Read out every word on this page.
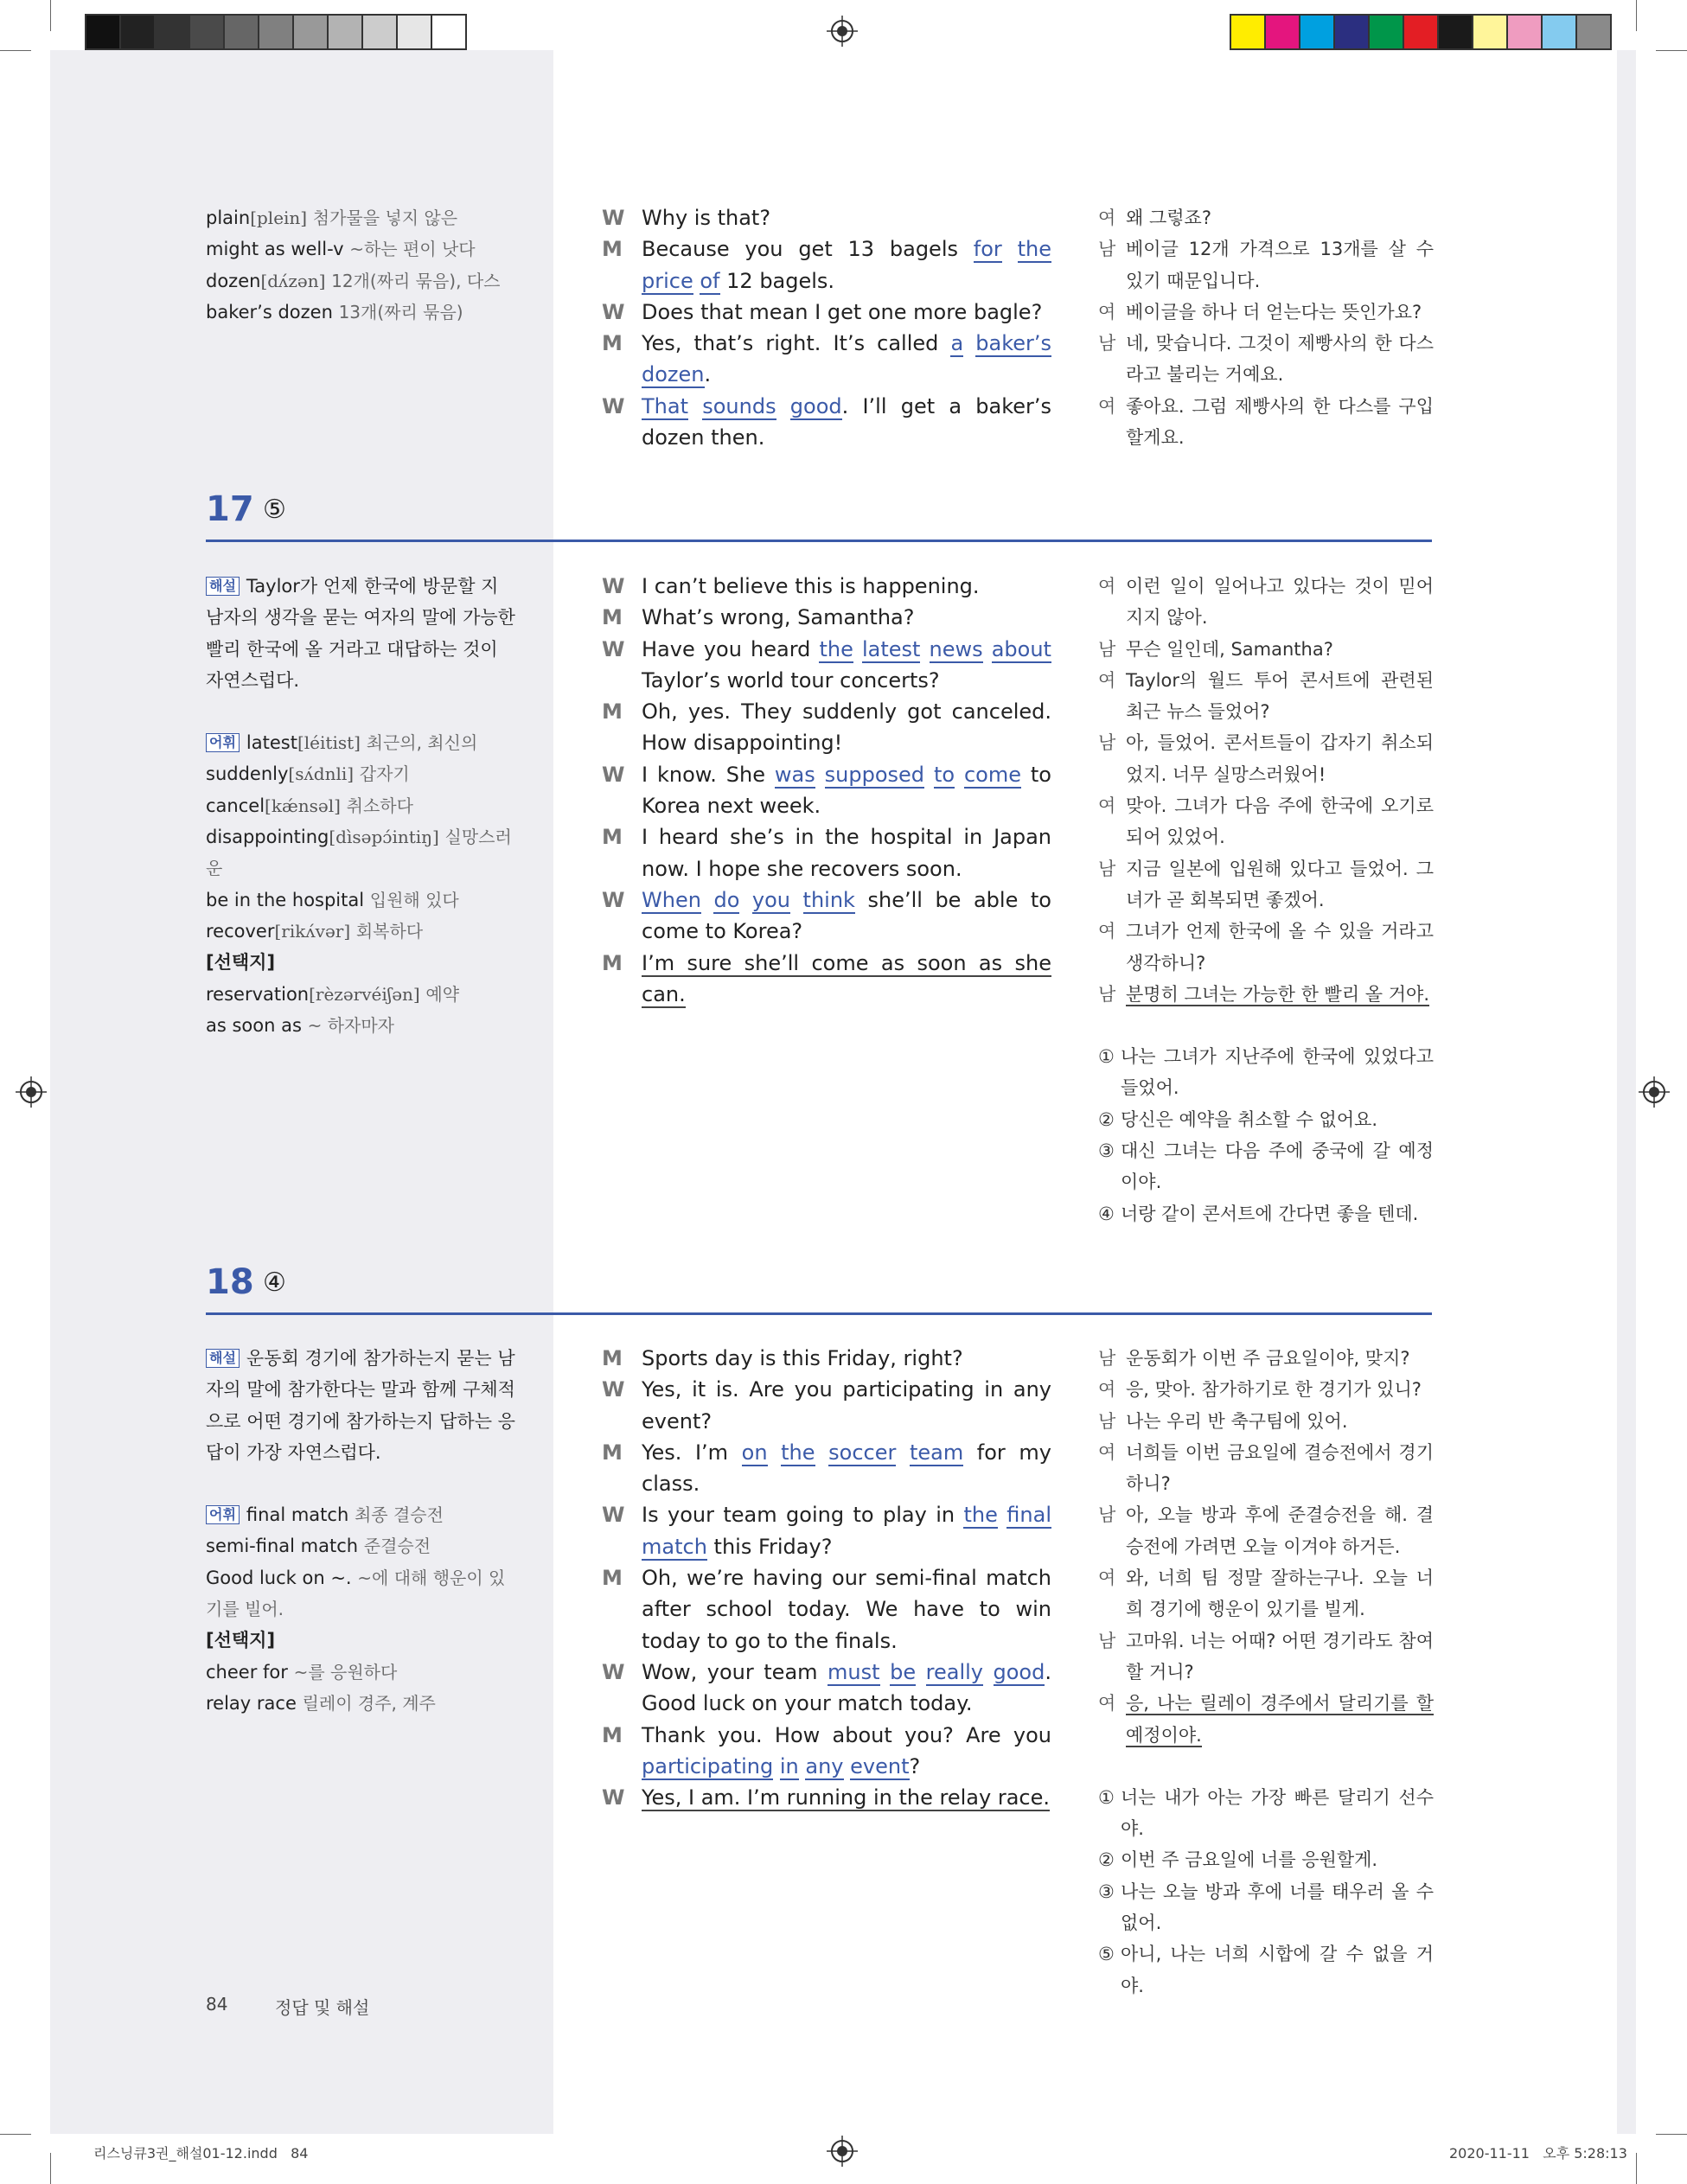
plain[plein] 첨가물을 넣지 않은

might as well-v ~하는 편이 낫다

dozen[dʌ́zən] 12개(짜리 묶음), 다스

baker’s dozen 13개(짜리 묶음)

W Why is that?
M Because you get 13 bagels for the price of 12 bagels.
W Does that mean I get one more bagle?
M Yes, that’s right. It’s called a baker’s dozen.
W That sounds good. I’ll get a baker’s dozen then.
여 왜 그렇죠?
남 베이글 12개 가격으로 13개를 살 수 있기 때문입니다.
여 베이글을 하나 더 얻는다는 뜻인가요?
남 네, 맞습니다. 그것이 제빵사의 한 다스라고 불리는 거예요.
여 좋아요. 그럼 제빵사의 한 다스를 구입할게요.
17 ⑤

해설 Taylor가 언제 한국에 방문할 지 남자의 생각을 묻는 여자의 말에 가능한 빨리 한국에 올 거라고 대답하는 것이 자연스럽다.

어휘 latest[léitist] 최근의, 최신의

suddenly[sʌ́dnli] 갑자기

cancel[kǽnsəl] 취소하다

disappointing[dìsəpɔ́intiŋ] 실망스러운

be in the hospital 입원해 있다

recover[rikʌ́vər] 회복하다

[선택지]

reservation[rèzərvéiʃən] 예약

as soon as ~ 하자마자

W I can’t believe this is happening.
M What’s wrong, Samantha?
W Have you heard the latest news about Taylor’s world tour concerts?
M Oh, yes. They suddenly got canceled. How disappointing!
W I know. She was supposed to come to Korea next week.
M I heard she’s in the hospital in Japan now. I hope she recovers soon.
W When do you think she’ll be able to come to Korea?
M I’m sure she’ll come as soon as she can.
여 이런 일이 일어나고 있다는 것이 믿어지지 않아.
남 무슨 일인데, Samantha?
여 Taylor의 월드 투어 콘서트에 관련된 최근 뉴스 들었어?
남 아, 들었어. 콘서트들이 갑자기 취소되었지. 너무 실망스러웠어!
여 맞아. 그녀가 다음 주에 한국에 오기로 되어 있었어.
남 지금 일본에 입원해 있다고 들었어. 그녀가 곧 회복되면 좋겠어.
여 그녀가 언제 한국에 올 수 있을 거라고 생각하니?
남 분명히 그녀는 가능한 한 빨리 올 거야.
① 나는 그녀가 지난주에 한국에 있었다고 들었어.
② 당신은 예약을 취소할 수 없어요.
③ 대신 그녀는 다음 주에 중국에 갈 예정이야.
④ 너랑 같이 콘서트에 간다면 좋을 텐데.
18 ④

해설 운동회 경기에 참가하는지 묻는 남자의 말에 참가한다는 말과 함께 구체적으로 어떤 경기에 참가하는지 답하는 응답이 가장 자연스럽다.

어휘 final match 최종 결승전

semi-final match 준결승전

Good luck on ~. ~에 대해 행운이 있기를 빌어.

[선택지]

cheer for ~를 응원하다

relay race 릴레이 경주, 계주

M Sports day is this Friday, right?
W Yes, it is. Are you participating in any event?
M Yes. I’m on the soccer team for my class.
W Is your team going to play in the final match this Friday?
M Oh, we’re having our semi-final match after school today. We have to win today to go to the finals.
W Wow, your team must be really good. Good luck on your match today.
M Thank you. How about you? Are you participating in any event?
W Yes, I am. I’m running in the relay race.
남 운동회가 이번 주 금요일이야, 맞지?
여 응, 맞아. 참가하기로 한 경기가 있니?
남 나는 우리 반 축구팀에 있어.
여 너희들 이번 금요일에 결승전에서 경기하니?
남 아, 오늘 방과 후에 준결승전을 해. 결승전에 가려면 오늘 이겨야 하거든.
여 와, 너희 팀 정말 잘하는구나. 오늘 너희 경기에 행운이 있기를 빌게.
남 고마워. 너는 어때? 어떤 경기라도 참여할 거니?
여 응, 나는 릴레이 경주에서 달리기를 할 예정이야.
① 너는 내가 아는 가장 빠른 달리기 선수야.
② 이번 주 금요일에 너를 응원할게.
③ 나는 오늘 방과 후에 너를 태우러 올 수 없어.
⑤ 아니, 나는 너희 시합에 갈 수 없을 거야.
84	정답 및 해설
리스닝큐3권_해설01-12.indd   84	2020-11-11   오후 5:28:13
